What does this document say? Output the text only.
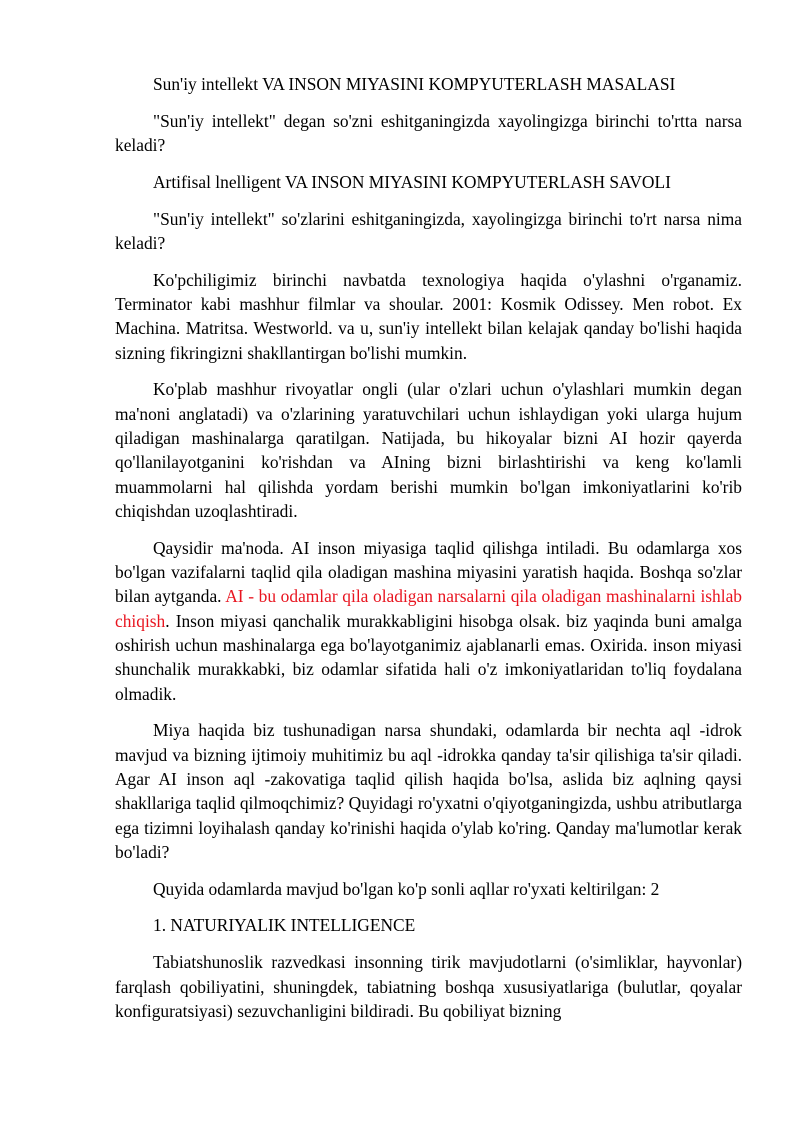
Sun'iy intellekt VA INSON MIYASINI KOMPYUTERLASH MASALASI

"Sun'iy intellekt" degan so'zni eshitganingizda xayolingizga birinchi to'rtta narsa keladi?

Artifisal lnelligent VA INSON MIYASINI KOMPYUTERLASH SAVOLI

"Sun'iy intellekt" so'zlarini eshitganingizda, xayolingizga birinchi to'rt narsa nima keladi?

Ko'pchiligimiz birinchi navbatda texnologiya haqida o'ylashni o'rganamiz. Terminator kabi mashhur filmlar va shoular. 2001: Kosmik Odissey. Men robot. Ex Machina. Matritsa. Westworld. va u, sun'iy intellekt bilan kelajak qanday bo'lishi haqida sizning fikringizni shakllantirgan bo'lishi mumkin.

Ko'plab mashhur rivoyatlar ongli (ular o'zlari uchun o'ylashlari mumkin degan ma'noni anglatadi) va o'zlarining yaratuvchilari uchun ishlaydigan yoki ularga hujum qiladigan mashinalarga qaratilgan. Natijada, bu hikoyalar bizni AI hozir qayerda qo'llanilayotganini ko'rishdan va AIning bizni birlashtirishi va keng ko'lamli muammolarni hal qilishda yordam berishi mumkin bo'lgan imkoniyatlarini ko'rib chiqishdan uzoqlashtiradi.

Qaysidir ma'noda. AI inson miyasiga taqlid qilishga intiladi. Bu odamlarga xos bo'lgan vazifalarni taqlid qila oladigan mashina miyasini yaratish haqida. Boshqa so'zlar bilan aytganda. AI - bu odamlar qila oladigan narsalarni qila oladigan mashinalarni ishlab chiqish. Inson miyasi qanchalik murakkabligini hisobga olsak. biz yaqinda buni amalga oshirish uchun mashinalarga ega bo'layotganimiz ajablanarli emas. Oxirida. inson miyasi shunchalik murakkabki, biz odamlar sifatida hali o'z imkoniyatlaridan to'liq foydalana olmadik.

Miya haqida biz tushunadigan narsa shundaki, odamlarda bir nechta aql -idrok mavjud va bizning ijtimoiy muhitimiz bu aql -idrokka qanday ta'sir qilishiga ta'sir qiladi. Agar AI inson aql -zakovatiga taqlid qilish haqida bo'lsa, aslida biz aqlning qaysi shakllariga taqlid qilmoqchimiz? Quyidagi ro'yxatni o'qiyotganingizda, ushbu atributlarga ega tizimni loyihalash qanday ko'rinishi haqida o'ylab ko'ring. Qanday ma'lumotlar kerak bo'ladi?

Quyida odamlarda mavjud bo'lgan ko'p sonli aqllar ro'yxati keltirilgan: 2

1. NATURIYALIK INTELLIGENCE

Tabiatshunoslik razvedkasi insonning tirik mavjudotlarni (o'simliklar, hayvonlar) farqlash qobiliyatini, shuningdek, tabiatning boshqa xususiyatlariga (bulutlar, qoyalar konfiguratsiyasi) sezuvchanligini bildiradi. Bu qobiliyat bizning
